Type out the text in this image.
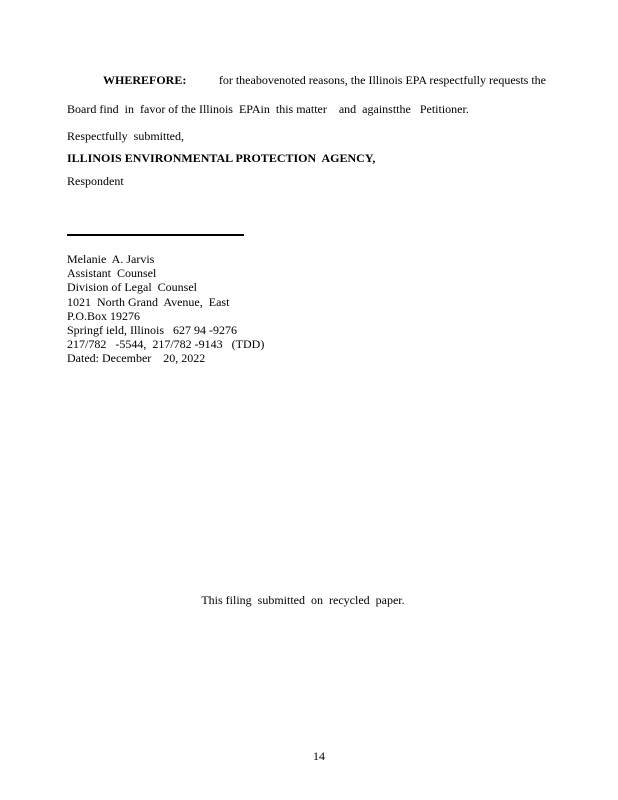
WHEREFORE:	for theabovenoted reasons, the Illinois EPA respectfully requests the
Board find  in  favor of the Illinois  EPAin  this matter    and  againstthe   Petitioner.
Respectfully  submitted,
ILLINOIS ENVIRONMENTAL PROTECTION  AGENCY,
Respondent
Melanie  A. Jarvis
Assistant  Counsel
Division of Legal  Counsel
1021  North Grand  Avenue,  East
P.O.Box 19276
Springf ield, Illinois   627 94 -9276
217/782   -5544,  217/782 -9143   (TDD)
Dated: December    20, 2022
This filing  submitted  on  recycled  paper.
14
